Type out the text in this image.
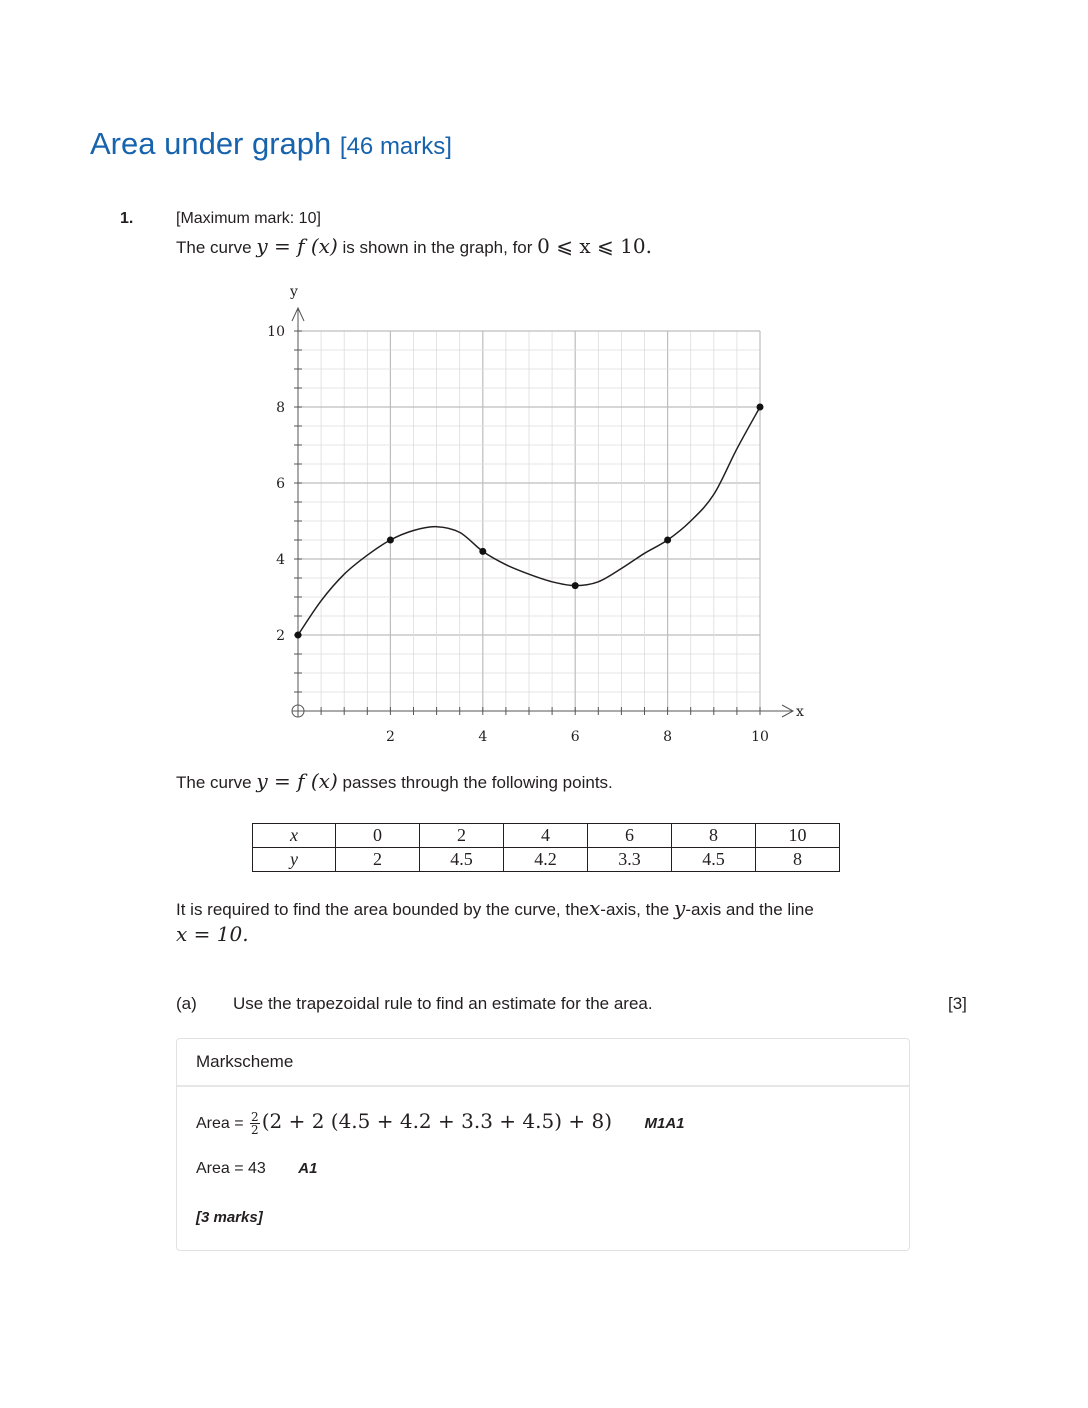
Area under graph [46 marks]
1.	[Maximum mark: 10]
The curve y = f (x) is shown in the graph, for 0 ⩽ x ⩽ 10.
2	4	6	8	10
2
4
6
8
10
x
y
The curve y = f (x) passes through the following points.
x	0	2	4	6	8	10
y	2	4.5	4.2	3.3	4.5	8
It is required to find the area bounded by the curve, thex-axis, the y-axis and the line
x = 10.
(a) Use the trapezoidal rule to find an estimate for the area.	[3]
Markscheme
Area = $\frac{2}{2} (2 + 2$ (4.5 + 4.2 + 3.3 + 4.5) + 8) M1A1
Area = 43 A1
[3 marks]
